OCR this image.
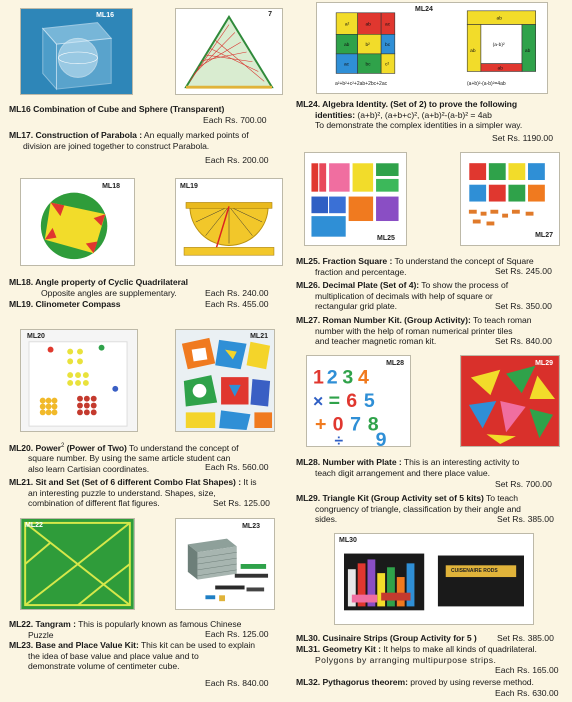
ML16	7
ML18	ML19
ML20	ML21
ML22	ML23
a²	ab	ac
ab	b²	bc
ac	bc	c²
ab
(a-b)²
ab	ab
ab
ML24
a²+b²+c²+2ab+2bc+2ac	(a+b)²-(a-b)²=4ab
ML25	ML27
1 2 3 4
× = 6 5
+ 0 7 8
÷ 9
ML28	ML29
ML30
CUISENAIRE RODS
ML16 Combination of Cube and Sphere (Transparent)
Each Rs. 700.00
ML17. Construction of Parabola : An equally marked points of
division are joined together to construct Parabola.
Each Rs. 200.00
ML18. Angle property of Cyclic Quadrilateral
Opposite angles are supplementary.	Each Rs. 240.00
ML19. Clinometer Compass	Each Rs. 455.00
ML20. Power$^2$ (Power of Two) To understand the concept of
square number. By using the same article student can
also learn Cartisian coordinates.	Each Rs. 560.00
ML21. Sit and Set (Set of 6 different Combo Flat Shapes) : It is
an interesting puzzle to understand. Shapes, size,
combination of different flat figures.	Set Rs. 125.00
ML22. Tangram : This is popularly known as famous Chinese
Puzzle	Each Rs. 125.00
ML23. Base and Place Value Kit: This kit can be used to explain
the idea of base value and place value and to
demonstrate volume of centimeter cube.
Each Rs. 840.00
ML24. Algebra Identity. (Set of 2) to prove the following
identities: (a+b)², (a+b+c)², (a+b)²-(a-b)² = 4ab
To demonstrate the complex identities in a simpler way.
Set Rs. 1190.00
ML25. Fraction Square : To understand the concept of Square
fraction and percentage.	Set Rs. 245.00
ML26. Decimal Plate (Set of 4): To show the process of
multiplication of decimals with help of square or
rectangular grid plate.	Set Rs. 350.00
ML27. Roman Number Kit. (Group Activity): To teach roman
number with the help of roman numerical printer tiles
and teacher magnetic roman kit.	Set Rs. 840.00
ML28. Number with Plate : This is an interesting activity to
teach digit arrangement and there place value.
Set Rs. 700.00
ML29. Triangle Kit (Group Activity set of 5 kits) To teach
congruency of triangle, classification by their angle and
sides.	Set Rs. 385.00
ML30. Cusinaire Strips (Group Activity for 5 )	Set Rs. 385.00
ML31. Geometry Kit : It helps to make all kinds of quadrilateral.
Polygons by arranging multipurpose strips.
Each Rs. 165.00
ML32. Pythagorus theorem: proved by using reverse method.
Each Rs. 630.00
